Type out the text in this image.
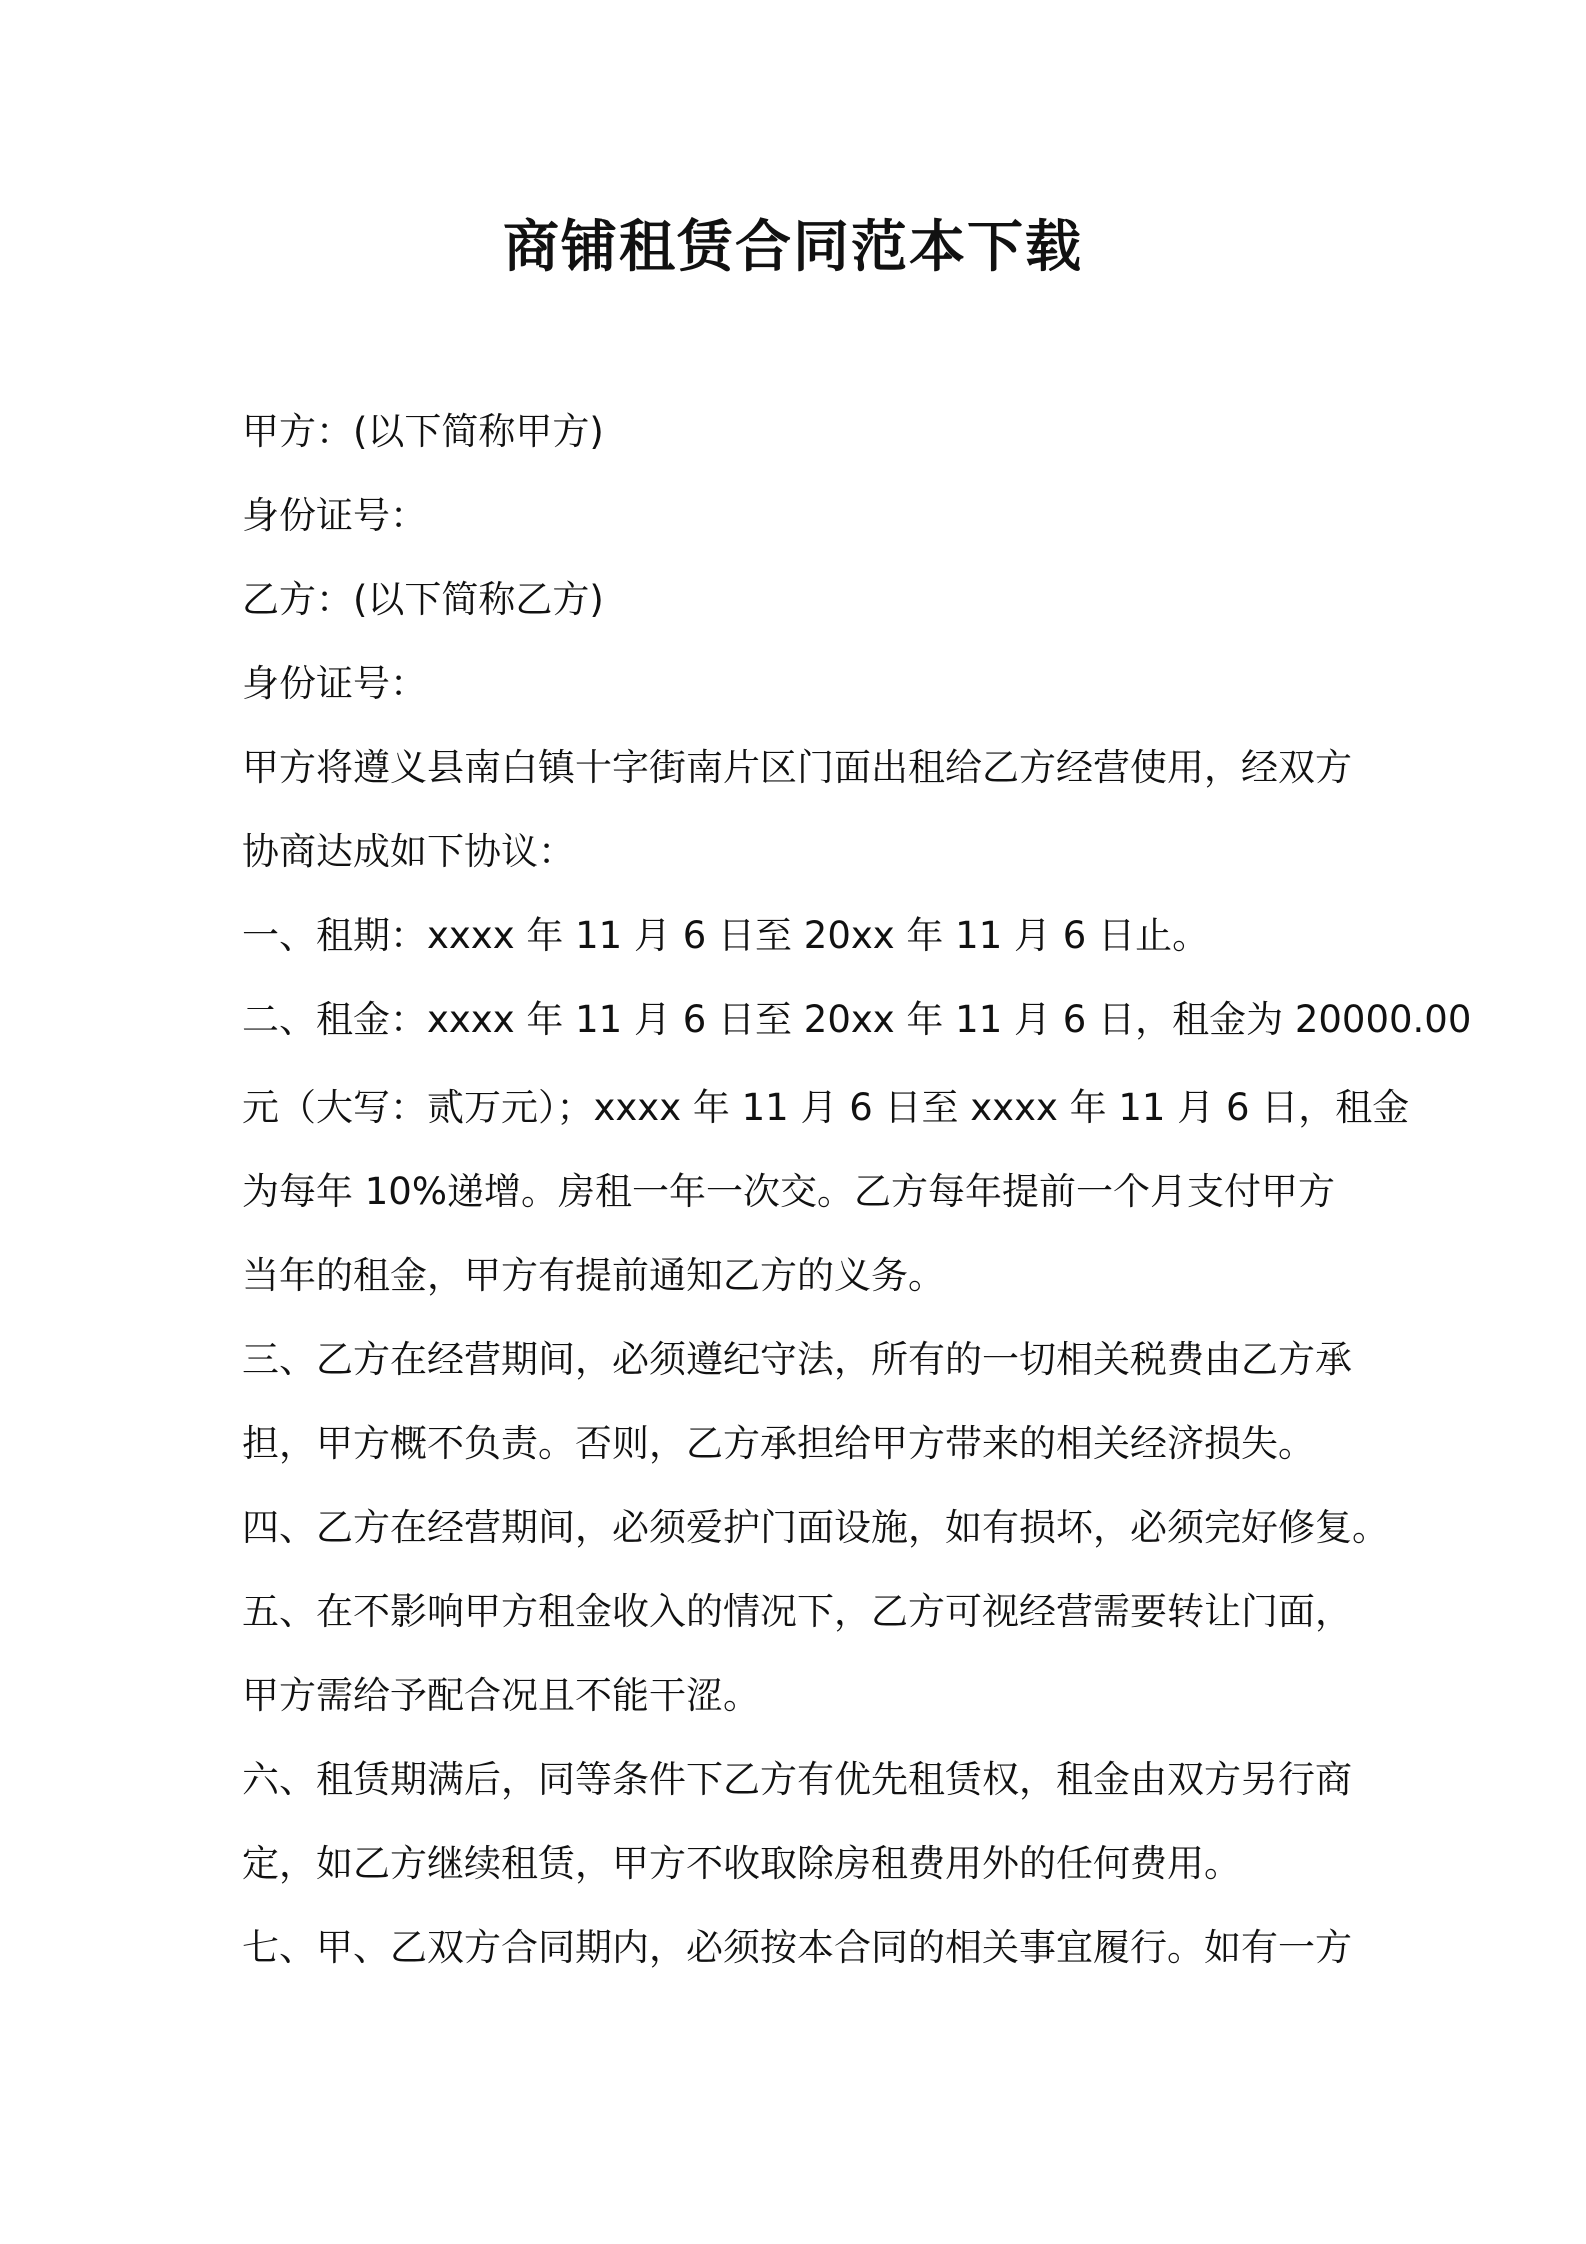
商铺租赁合同范本下载

甲方：(以下简称甲方)

身份证号：

乙方：(以下简称乙方)

身份证号：

甲方将遵义县南白镇十字街南片区门面出租给乙方经营使用，经双方

协商达成如下协议：

一、租期：xxxx 年 11 月 6 日至 20xx 年 11 月 6 日止。

二、租金：xxxx 年 11 月 6 日至 20xx 年 11 月 6 日，租金为 20000.00

元（大写：贰万元）；xxxx 年 11 月 6 日至 xxxx 年 11 月 6 日，租金

为每年 10%递增。房租一年一次交。乙方每年提前一个月支付甲方

当年的租金，甲方有提前通知乙方的义务。

三、乙方在经营期间，必须遵纪守法，所有的一切相关税费由乙方承

担，甲方概不负责。否则，乙方承担给甲方带来的相关经济损失。

四、乙方在经营期间，必须爱护门面设施，如有损坏，必须完好修复。

五、在不影响甲方租金收入的情况下，乙方可视经营需要转让门面，

甲方需给予配合况且不能干涩。

六、租赁期满后，同等条件下乙方有优先租赁权，租金由双方另行商

定，如乙方继续租赁，甲方不收取除房租费用外的任何费用。

七、甲、乙双方合同期内，必须按本合同的相关事宜履行。如有一方
